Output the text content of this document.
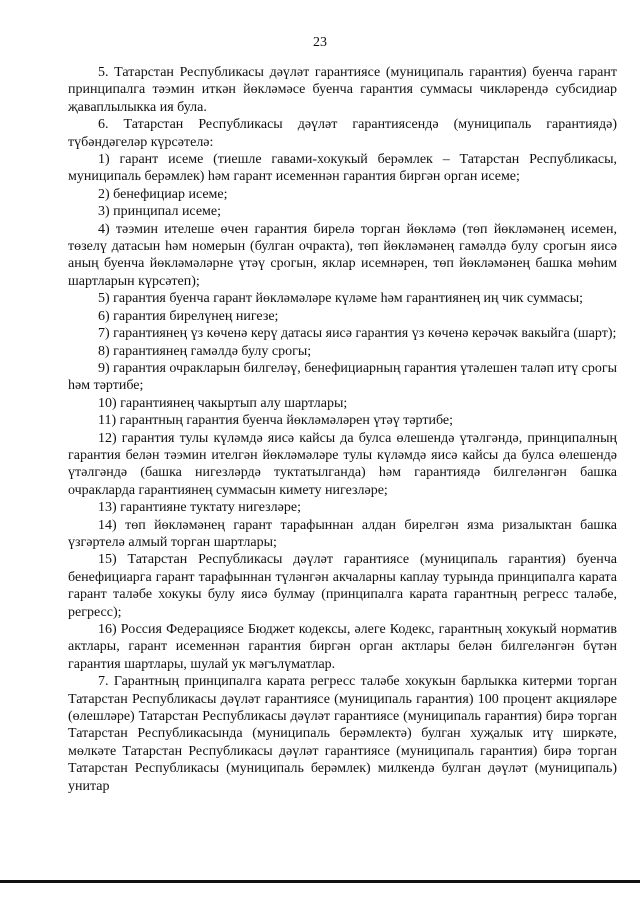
23

5. Татарстан Республикасы дәүләт гарантиясе (муниципаль гарантия) буенча гарант принципалга тәэмин иткән йөкләмәсе буенча гарантия суммасы чикләрендә субсидиар җаваплылыкка ия була.

6. Татарстан Республикасы дәүләт гарантиясендә (муниципаль гарантиядә) түбәндәгеләр күрсәтелә:

1) гарант исеме (тиешле гавами-хокукый берәмлек – Татарстан Республикасы, муниципаль берәмлек) һәм гарант исеменнән гарантия биргән орган исеме;

2) бенефициар исеме;

3) принципал исеме;

4) тәэмин ителеше өчен гарантия бирелә торган йөкләмә (төп йөкләмәнең исемен, төзелү датасын һәм номерын (булган очракта), төп йөкләмәнең гамәлдә булу срогын яисә аның буенча йөкләмәләрне үтәү срогын, яклар исемнәрен, төп йөкләмәнең башка мөһим шартларын күрсәтеп);

5) гарантия буенча гарант йөкләмәләре күләме һәм гарантиянең иң чик суммасы;

6) гарантия бирелүнең нигезе;

7) гарантиянең үз көченә керү датасы яисә гарантия үз көченә керәчәк вакыйга (шарт);

8) гарантиянең гамәлдә булу срогы;

9) гарантия очракларын билгеләү, бенефициарның гарантия үтәлешен таләп итү срогы һәм тәртибе;

10) гарантиянең чакыртып алу шартлары;

11) гарантның гарантия буенча йөкләмәләрен үтәү тәртибе;

12) гарантия тулы күләмдә яисә кайсы да булса өлешендә үтәлгәндә, принципалның гарантия белән тәэмин ителгән йөкләмәләре тулы күләмдә яисә кайсы да булса өлешендә үтәлгәндә (башка нигезләрдә туктатылганда) һәм гарантиядә билгеләнгән башка очракларда гарантиянең суммасын кимету нигезләре;

13) гарантияне туктату нигезләре;

14) төп йөкләмәнең гарант тарафыннан алдан бирелгән язма ризалыктан башка үзгәртелә алмый торган шартлары;

15) Татарстан Республикасы дәүләт гарантиясе (муниципаль гарантия) буенча бенефициарга гарант тарафыннан түләнгән акчаларны каплау турында принципалга карата гарант таләбе хокукы булу яисә булмау (принципалга карата гарантның регресс таләбе, регресс);

16) Россия Федерациясе Бюджет кодексы, әлеге Кодекс, гарантның хокукый норматив актлары, гарант исеменнән гарантия биргән орган актлары белән билгеләнгән бүтән гарантия шартлары, шулай ук мәгълүматлар.

7. Гарантның принципалга карата регресс таләбе хокукын барлыкка китерми торган Татарстан Республикасы дәүләт гарантиясе (муниципаль гарантия) 100 процент акцияләре (өлешләре) Татарстан Республикасы дәүләт гарантиясе (муниципаль гарантия) бирә торган Татарстан Республикасында (муниципаль берәмлектә) булган хуҗалык итү ширкәте, мөлкәте Татарстан Республикасы дәүләт гарантиясе (муниципаль гарантия) бирә торган Татарстан Республикасы (муниципаль берәмлек) милкендә булган дәүләт (муниципаль) унитар
